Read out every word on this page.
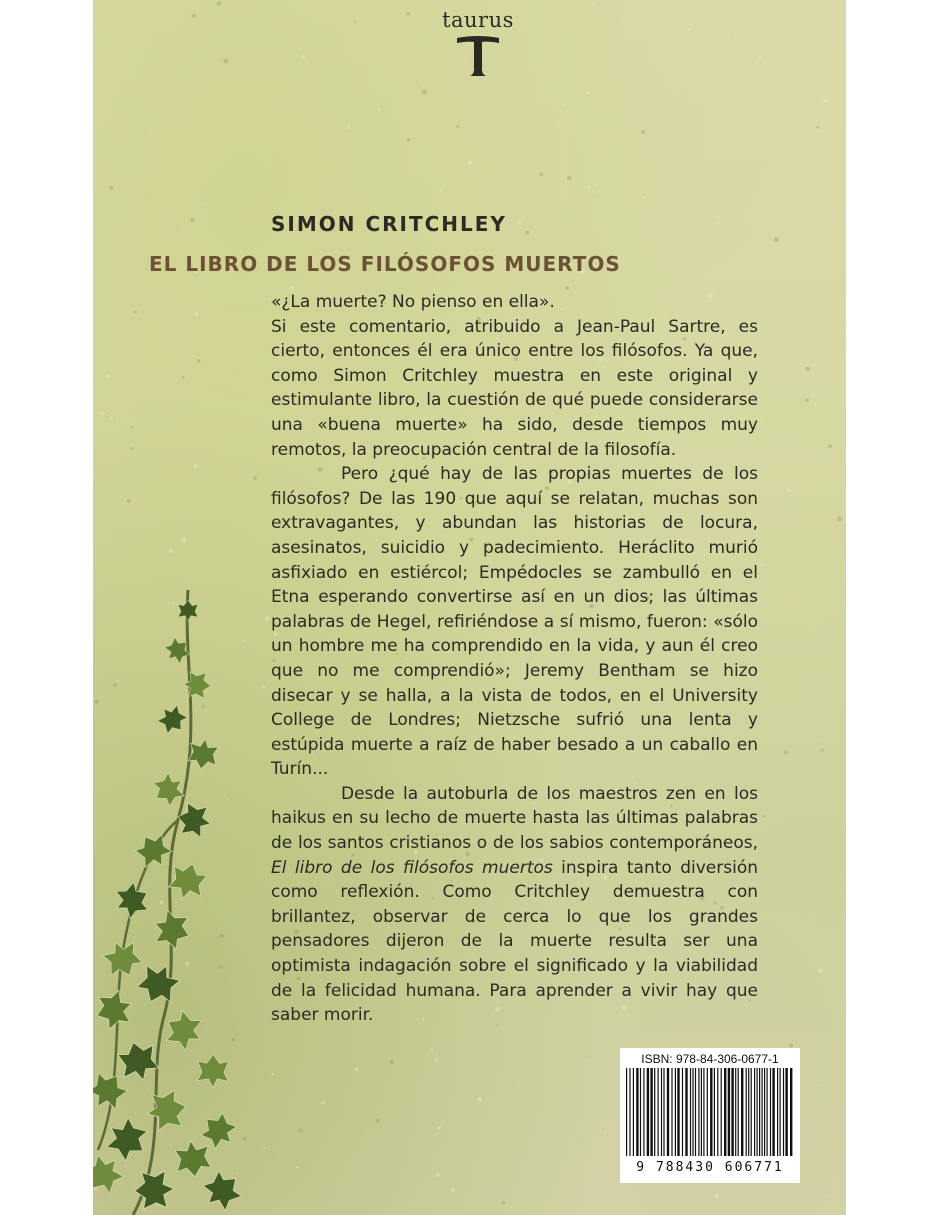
taurus
SIMON CRITCHLEY
EL LIBRO DE LOS FILÓSOFOS MUERTOS

«¿La muerte? No pienso en ella».

Si este comentario, atribuido a Jean-Paul Sartre, es cierto, entonces él era único entre los filósofos. Ya que, como Simon Critchley muestra en este original y estimulante libro, la cuestión de qué puede considerarse una «buena muerte» ha sido, desde tiempos muy remotos, la preocupación central de la filosofía.

Pero ¿qué hay de las propias muertes de los filósofos? De las 190 que aquí se relatan, muchas son extravagantes, y abundan las historias de locura, asesinatos, suicidio y padecimiento. Heráclito murió asfixiado en estiércol; Empédocles se zambulló en el Etna esperando convertirse así en un dios; las últimas palabras de Hegel, refiriéndose a sí mismo, fueron: «sólo un hombre me ha comprendido en la vida, y aun él creo que no me comprendió»; Jeremy Bentham se hizo disecar y se halla, a la vista de todos, en el University College de Londres; Nietzsche sufrió una lenta y estúpida muerte a raíz de haber besado a un caballo en Turín...

Desde la autoburla de los maestros zen en los haikus en su lecho de muerte hasta las últimas palabras de los santos cristianos o de los sabios contemporáneos, El libro de los filósofos muertos inspira tanto diversión como reflexión. Como Critchley demuestra con brillantez, observar de cerca lo que los grandes pensadores dijeron de la muerte resulta ser una optimista indagación sobre el significado y la viabilidad de la felicidad humana. Para aprender a vivir hay que saber morir.

ISBN: 978-84-306-0677-1
9 788430 606771
